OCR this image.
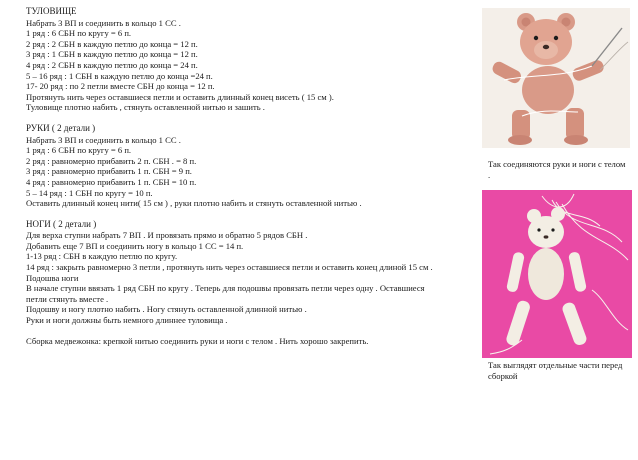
ТУЛОВИЩЕ
Набрать 3 ВП и соединить в кольцо 1 СС .
1 ряд : 6 СБН по кругу = 6 п.
2 ряд : 2 СБН в каждую петлю до конца = 12 п.
3 ряд : 1 СБН в каждую петлю до конца = 12 п.
4 ряд : 2 СБН в каждую петлю до конца = 24 п.
5 – 16 ряд : 1 СБН в каждую петлю до конца =24 п.
17- 20 ряд : по 2 петли вместе СБН до конца = 12 п.
Протянуть нить через оставшиеся петли и оставить длинный конец висеть ( 15 см ).
Туловище плотно набить , стянуть оставленной нитью и зашить .
РУКИ ( 2 детали )
Набрать 3 ВП и соединить в кольцо 1 СС .
1 ряд : 6 СБН по кругу = 6 п.
2 ряд : равномерно прибавить 2 п. СБН . = 8 п.
3 ряд : равномерно прибавить 1 п. СБН = 9 п.
4 ряд : равномерно прибавить 1 п. СБН = 10 п.
5 – 14 ряд : 1 СБН по кругу = 10 п.
Оставить длинный конец нити( 15 см ) , руки плотно набить и стянуть оставленной нитью .
НОГИ ( 2 детали )
Для верха ступни набрать 7 ВП . И провязать прямо и обратно 5 рядов СБН .
Добавить еще 7 ВП и соединить ногу в кольцо 1 СС = 14 п.
1-13 ряд : СБН в каждую петлю по кругу.
14 ряд : закрыть равномерно 3 петли , протянуть нить через оставшиеся петли и оставить конец длиной 15 см .
Подошва ноги
В начале ступни ввязать 1 ряд СБН по кругу . Теперь для подошвы провязать петли через одну . Оставшиеся
петли стянуть вместе .
Подошву и ногу плотно набить . Ногу стянуть оставленной длинной нитью .
Руки и ноги должны быть немного длиннее туловища .
Сборка медвежонка: крепкой нитью соединить руки и ноги с телом . Нить хорошо закрепить.
Так соединяются руки и ноги с телом .
Так выглядят отдельные части перед сборкой
